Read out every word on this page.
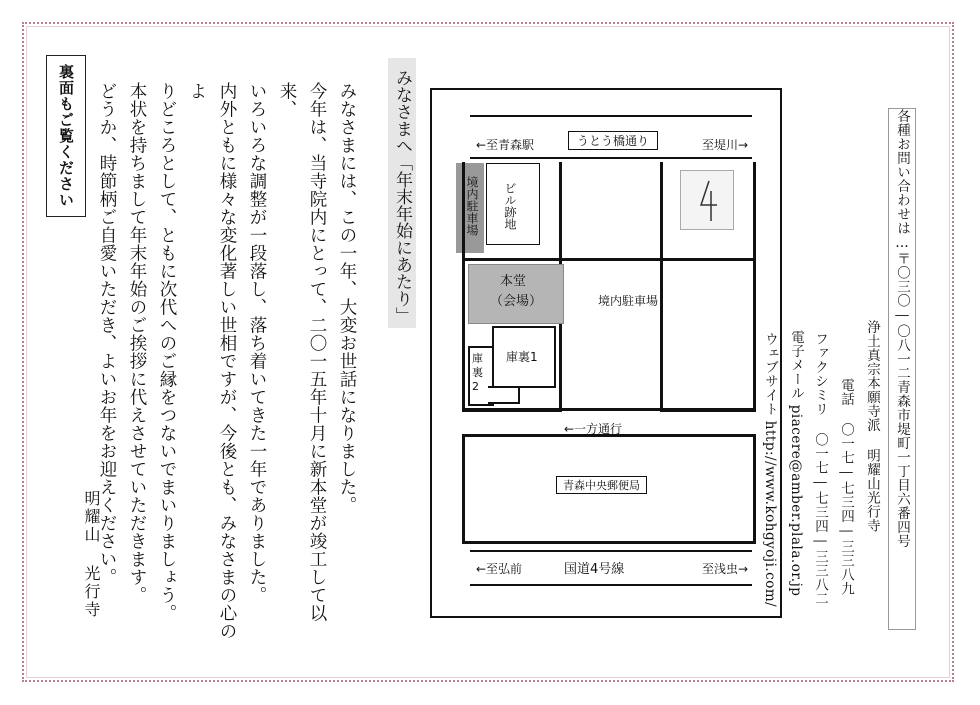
裏面もご覧ください
明耀山 光行寺
みなさまには、この一年、大変お世話になりました。
今年は、当寺院内にとって、二〇一五年十月に新本堂が竣工して以来、
いろいろな調整が一段落し、落ち着いてきた一年でありました。
内外ともに様々な変化著しい世相ですが、今後とも、みなさまの心のよ
りどころとして、ともに次代へのご縁をつないでまいりましょう。
本状を持ちまして年末年始のご挨拶に代えさせていただきます。
どうか、時節柄ご自愛いただき、よいお年をお迎えください。	みなさまへ「年末年始にあたり」	←至青森駅	うとう橋通り	至堤川→
境内駐車場 ビル跡地
本堂
（会場）	境内駐車場
庫裏1
庫裏2
←一方通行
青森中央郵便局
←至弘前	国道4号線	至浅虫→
各種お問い合わせは…〒〇三〇―〇八一二青森市堤町一丁目六番四号
浄土真宗本願寺派 明耀山光行寺
電話 〇一七―七三四―三三八九
ファクシミリ 〇一七―七三四―三三八二
電子メール piacere@amber.plala.or.jp
ウェブサイト http://www.kohgyoji.com/
